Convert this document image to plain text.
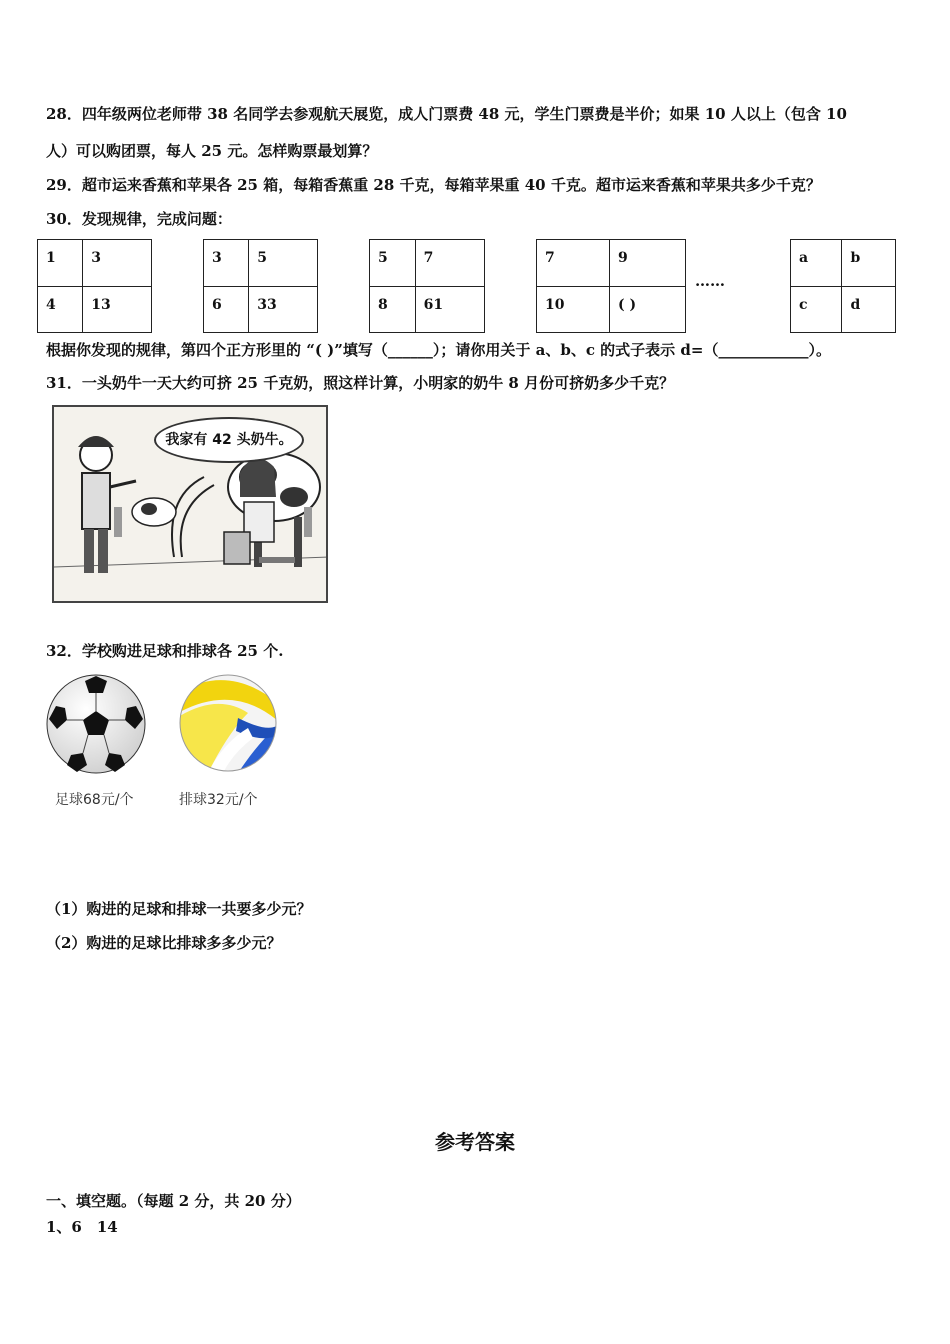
28．四年级两位老师带 38 名同学去参观航天展览，成人门票费 48 元，学生门票费是半价；如果 10 人以上（包含 10
人）可以购团票，每人 25 元。怎样购票最划算？
29．超市运来香蕉和苹果各 25 箱，每箱香蕉重 28 千克，每箱苹果重 40 千克。超市运来香蕉和苹果共多少千克？
30．发现规律，完成问题：
1	3
4	13
3	5
6	33
5	7
8	61
7	9
10	( )
……
a	b
c	d
根据你发现的规律，第四个正方形里的 “( )”填写（______）；请你用关于 a、b、c 的式子表示 d=（____________）。
31．一头奶牛一天大约可挤 25 千克奶，照这样计算，小明家的奶牛 8 月份可挤奶多少千克？
我家有 42 头奶牛。
32．学校购进足球和排球各 25 个.
足球68元/个	排球32元/个
（1）购进的足球和排球一共要多少元？
（2）购进的足球比排球多多少元？
参考答案
一、填空题。（每题 2 分，共 20 分）
1、6　14
